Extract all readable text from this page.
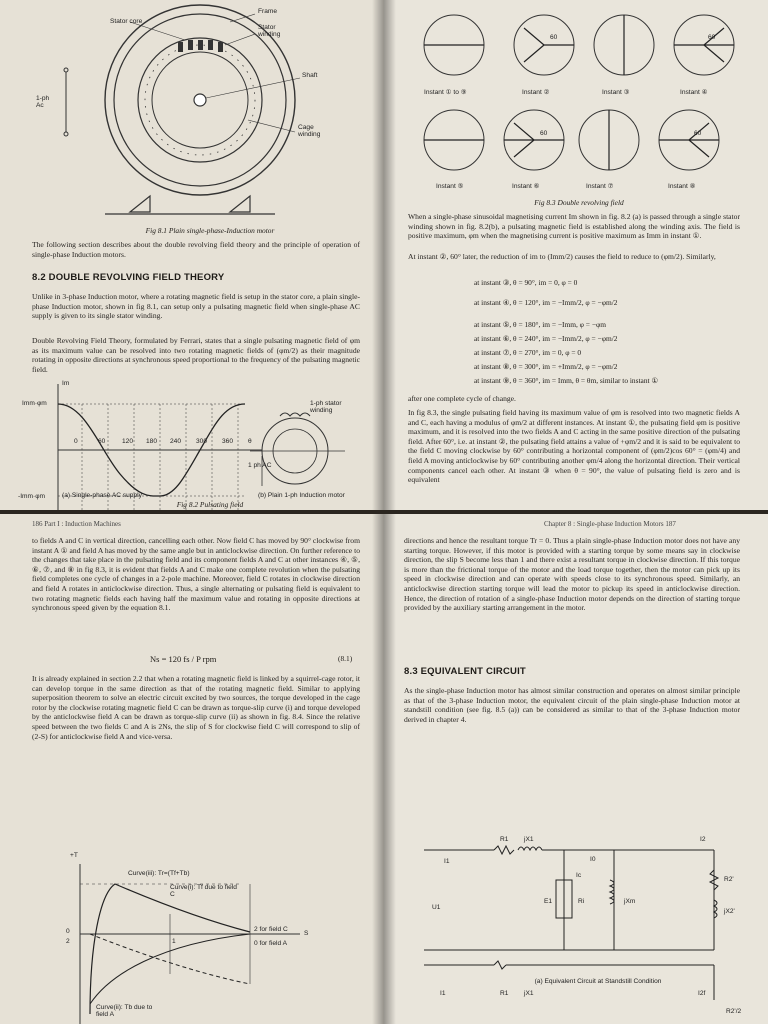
Stator core
Frame
Stator winding
Shaft
Cage winding
1-ph Ac
Fig 8.1 Plain single-phase-Induction motor
The following section describes about the double revolving field theory and the principle of operation of single-phase Induction motors.
8.2 DOUBLE REVOLVING FIELD THEORY
Unlike in 3-phase Induction motor, where a rotating magnetic field is setup in the stator core, a plain single-phase Induction motor, shown in fig 8.1, can setup only a pulsating magnetic field when single-phase AC supply is given to its single stator winding.
Double Revolving Field Theory, formulated by Ferrari, states that a single pulsating magnetic field of φm as its maximum value can be resolved into two rotating magnetic fields of (φm/2) as their magnitude rotating in opposite directions at synchronous speed proportional to the frequency of the pulsating magnetic field.
Im
Imm·φm
-Imm·φm
0	60	120 180 240 300 360 θ
1-ph stator winding
1 ph AC
(a) Single-phase AC supply	(b) Plain 1-ph Induction motor
Fig 8.2 Pulsating field
Instant ① to ⑨	Instant ②	Instant ③	Instant ④
Instant ⑤	Instant ⑥	Instant ⑦	Instant ⑧
60	60
60	60
Fig 8.3 Double revolving field
When a single-phase sinusoidal magnetising current Im shown in fig. 8.2 (a) is passed through a single stator winding shown in fig. 8.2(b), a pulsating magnetic field is established along the winding axis. The field is positive maximum, φm when the magnetising current is positive maximum as Imm in instant ①.
At instant ②, 60° later, the reduction of im to (Imm/2) causes the field to reduce to (φm/2). Similarly,
at instant ③, θ = 90°, im = 0, φ = 0
at instant ④, θ = 120°, im = −Imm/2, φ = −φm/2
at instant ⑤, θ = 180°, im = −Imm, φ = −φm
at instant ⑥, θ = 240°, im = −Imm/2, φ = −φm/2
at instant ⑦, θ = 270°, im = 0, φ = 0
at instant ⑧, θ = 300°, im = +Imm/2, φ = −φm/2
at instant ⑨, θ = 360°, im = Imm, θ = θm, similar to instant ①
after one complete cycle of change.
In fig 8.3, the single pulsating field having its maximum value of φm is resolved into two magnetic fields A and C, each having a modulus of φm/2 at different instances. At instant ①, the pulsating field φm is positive maximum, and it is resolved into the two fields A and C acting in the same positive direction of the pulsating field. After 60°, i.e. at instant ②, the pulsating field attains a value of +φm/2 and it is said to be equivalent to the field C moving clockwise by 60° contributing a horizontal component of (φm/2)cos 60° = (φm/4) and field A moving anticlockwise by 60° contributing another φm/4 along the horizontal direction. Their vertical components cancel each other. At instant ③ when θ = 90°, the value of pulsating field is zero and is equivalent
186 Part I : Induction Machines
to fields A and C in vertical direction, cancelling each other. Now field C has moved by 90° clockwise from instant A ① and field A has moved by the same angle but in anticlockwise direction. On further reference to the changes that take place in the pulsating field and its component fields A and C at other instances ④, ⑤, ⑥, ⑦, and ⑧ in fig 8.3, it is evident that fields A and C make one complete revolution when the pulsating field completes one cycle of changes in a 2-pole machine. Moreover, field C rotates in clockwise direction and field A rotates in anticlockwise direction. Thus, a single alternating or pulsating field is equivalent to two rotating magnetic fields each having half the maximum value and rotating in opposite directions at synchronous speed given by the equation 8.1.
Ns = 120 fs / P rpm	(8.1)
It is already explained in section 2.2 that when a rotating magnetic field is linked by a squirrel-cage rotor, it can develop torque in the same direction as that of the rotating magnetic field. Similar to applying superposition theorem to solve an electric circuit excited by two sources, the torque developed in the cage rotor by the clockwise rotating magnetic field C can be drawn as torque-slip curve (i) and torque developed by the anticlockwise field A can be drawn as torque-slip curve (ii) as shown in fig. 8.4. Since the relative speed between the two fields C and A is 2Ns, the slip of S for clockwise field C will correspond to slip of (2-S) for anticlockwise field A and vice-versa.
+T
Curve(iii): Tr=(Tf+Tb)
Curve(i): Tf due to field C
Curve(ii): Tb due to field A
0
2	1
2 for field C
0 for field A
S
Chapter 8 : Single-phase Induction Motors 187
directions and hence the resultant torque Tr = 0. Thus a plain single-phase Induction motor does not have any starting torque. However, if this motor is provided with a starting torque by some means say in clockwise direction, the slip S become less than 1 and there exist a resultant torque in clockwise direction. If this torque is more than the frictional torque of the motor and the load torque together, then the motor can pick up its speed in clockwise direction and can operate with speeds close to its synchronous speed. Similarly, an anticlockwise direction starting torque will lead the motor to pickup its speed in anticlockwise direction. Hence, the direction of rotation of a single-phase Induction motor depends on the direction of starting torque provided by the auxiliary starting arrangement in the motor.
8.3 EQUIVALENT CIRCUIT
As the single-phase Induction motor has almost similar construction and operates on almost similar principle as that of the 3-phase Induction motor, the equivalent circuit of the plain single-phase Induction motor at standstill condition (see fig. 8.5 (a)) can be considered as similar to that of the 3-phase Induction motor derived in chapter 4.
R1 jX1	I2
I1	I0
E1
U1
Ic
Ri	jXm
R2'
jX2'
(a) Equivalent Circuit at Standstill Condition
I1	R1 jX1	I2f
R2'/2
